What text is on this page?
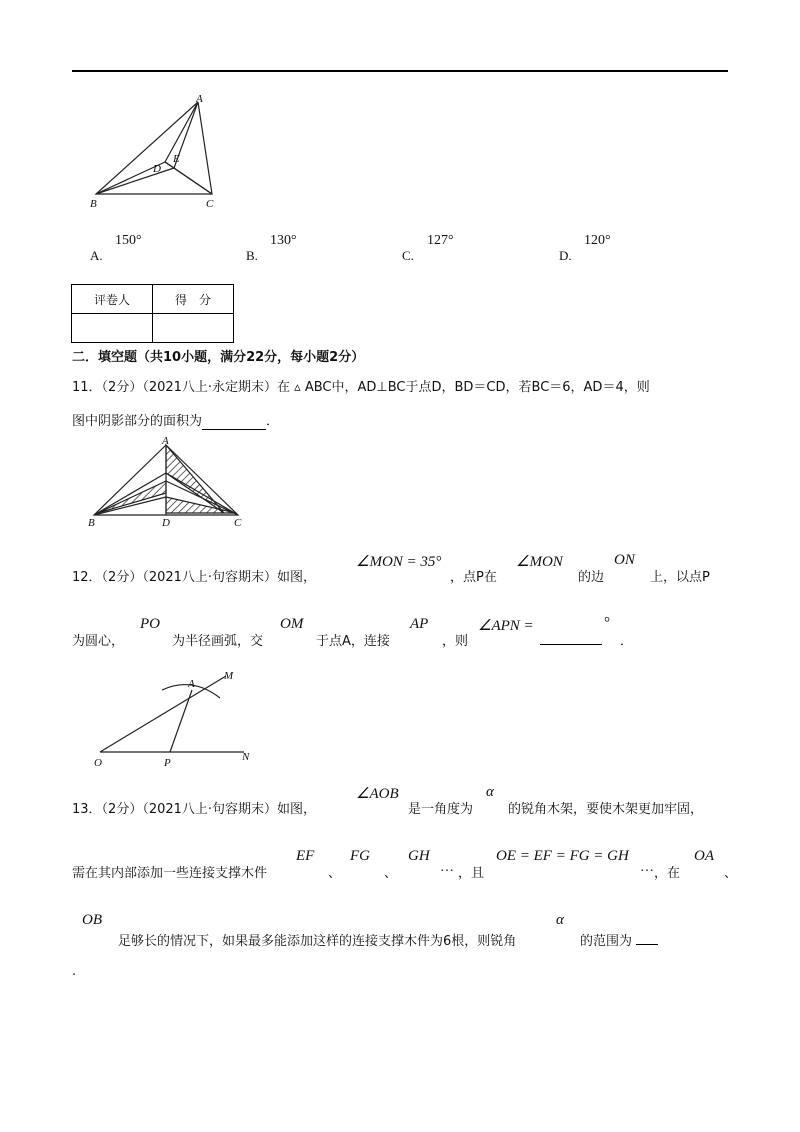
A
B	C
D
E
A.
150°
B.
130°
C.
127°
D.
120°
评卷人	得　分

二．填空题（共10小题，满分22分，每小题2分）
11．（2分）（2021八上·永定期末）在 ▵ ABC中，AD⊥BC于点D，BD＝CD，若BC＝6，AD＝4，则
图中阴影部分的面积为	．
A
B	D	C
12．（2分）（2021八上·句容期末）如图，
∠MON = 35°
，点P在
∠MON
的边
ON
上，以点P
为圆心，
PO
为半径画弧，交
OM
于点A，连接
AP
，则
∠APN =	°
．
A
M
O	P	N
13．（2分）（2021八上·句容期末）如图，
∠AOB
是一角度为
α
的锐角木架，要使木架更加牢固，
需在其内部添加一些连接支撑木件
EF
、
FG
、
GH
… ，且
OE = EF = FG = GH
… ，在
OA
、
OB
足够长的情况下，如果最多能添加这样的连接支撑木件为6根，则锐角
α
的范围为
.
